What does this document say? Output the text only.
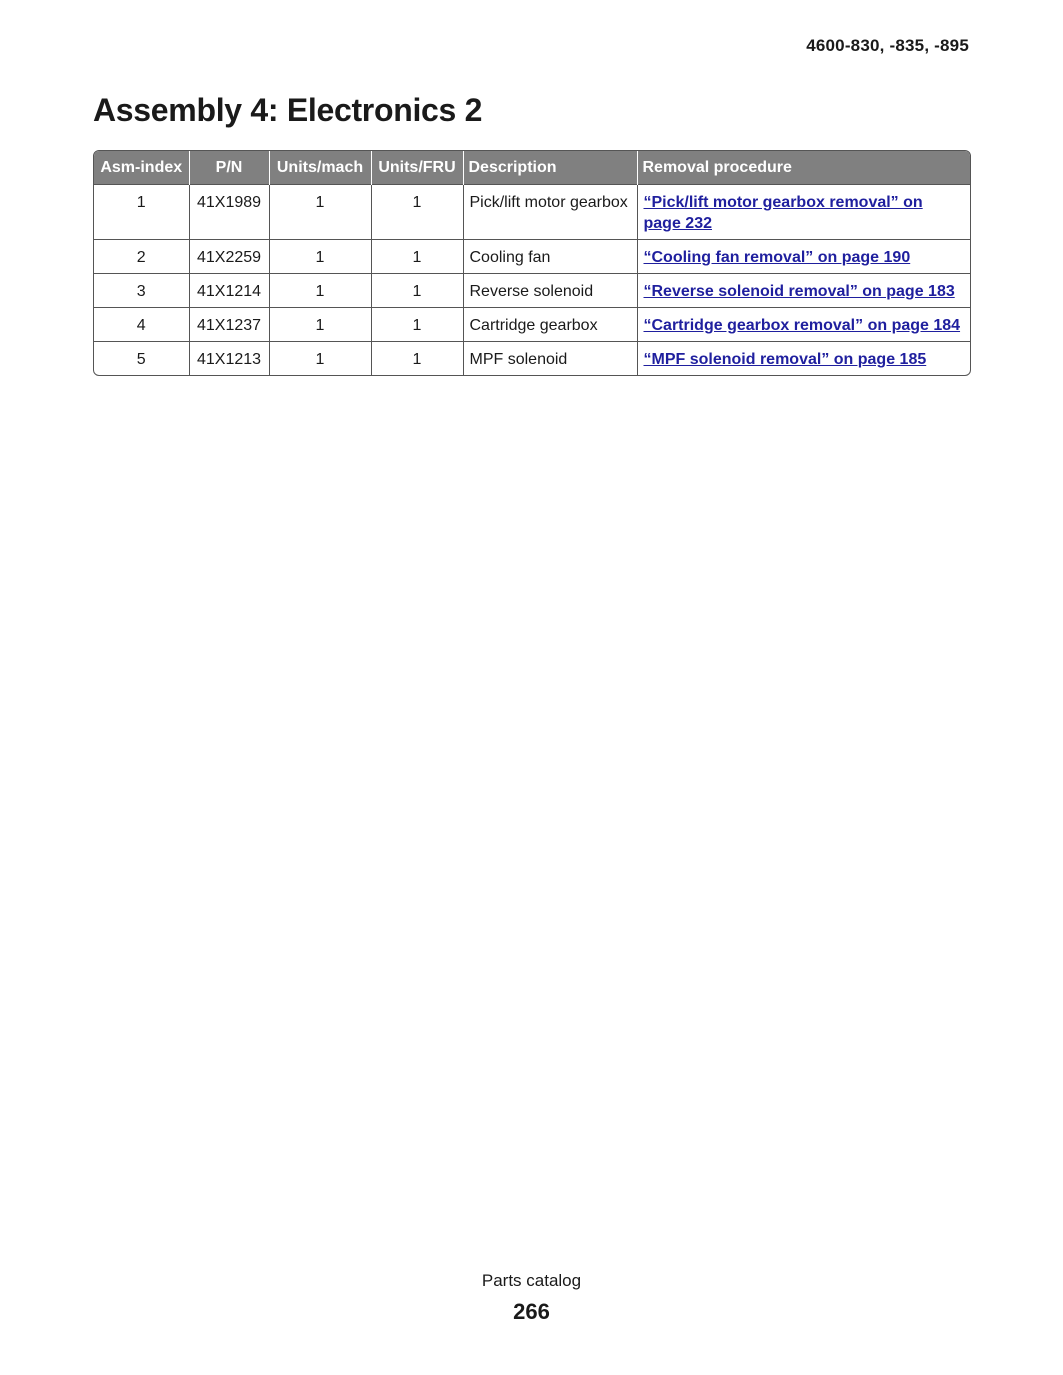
4600-830, -835, -895
Assembly 4: Electronics 2
Asm-index	P/N	Units/mach	Units/FRU	Description	Removal procedure
1	41X1989	1	1	Pick/lift motor gearbox	“Pick/lift motor gearbox removal” on page 232
2	41X2259	1	1	Cooling fan	“Cooling fan removal” on page 190
3	41X1214	1	1	Reverse solenoid	“Reverse solenoid removal” on page 183
4	41X1237	1	1	Cartridge gearbox	“Cartridge gearbox removal” on page 184
5	41X1213	1	1	MPF solenoid	“MPF solenoid removal” on page 185
Parts catalog
266
